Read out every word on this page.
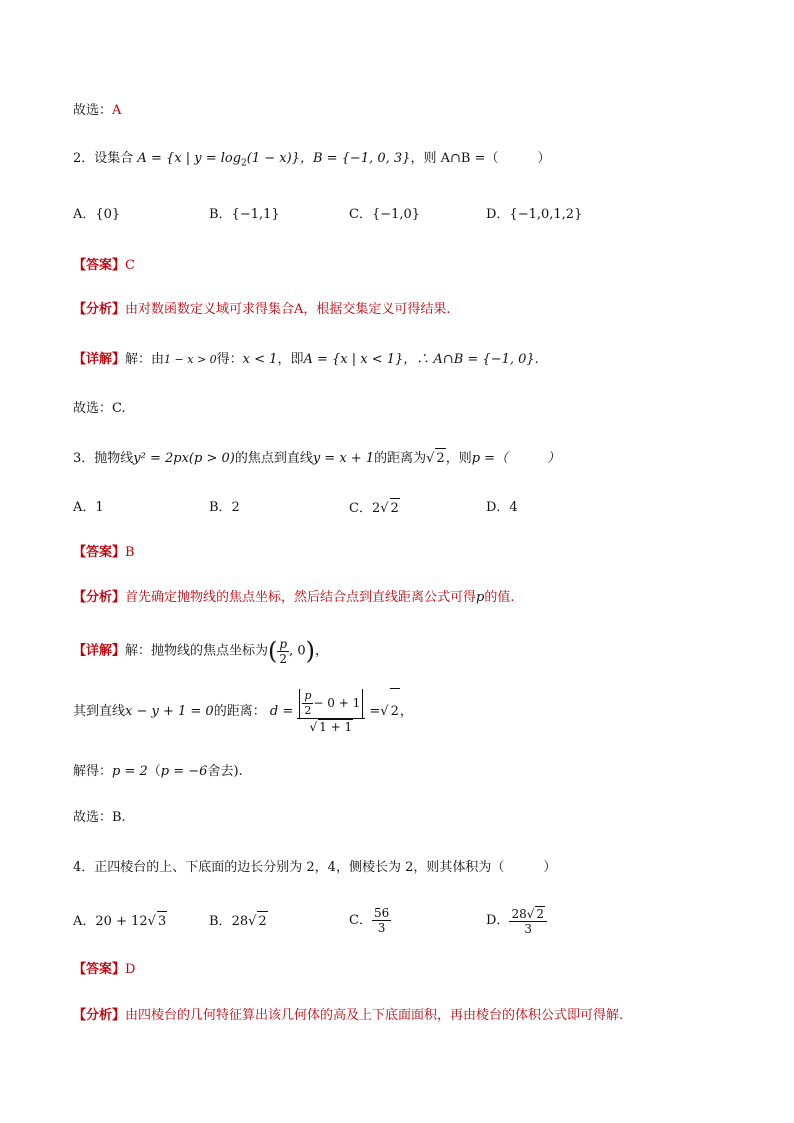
故选：A
2．设集合 A = {x | $y = \log_2(1 - x)$}，B = {−1, 0, 3}，则 A∩B =（　　　）
A．{0}	B．{−1,1}	C．{−1,0}	D．{−1,0,1,2}
【答案】C
【分析】由对数函数定义域可求得集合A，根据交集定义可得结果.
【详解】解：由1 − x > 0得：x < 1，即A = {x | x < 1}，∴ A∩B = {−1, 0}.
故选：C.
3．抛物线y² = 2px(p > 0)的焦点到直线y = x + 1的距离为√ 2，则p =（　　　）
A．1	B．2	C．2√ 2	D．4
【答案】B
【分析】首先确定抛物线的焦点坐标，然后结合点到直线距离公式可得p的值.
【详解】解：抛物线的焦点坐标为( $\frac{p}{2}$ , 0)，
其到直线x − y + 1 = 0的距离： $d = \frac{\frac{p}{2} - 0 + 1}{√ 1 + 1}$ =√ 2，
解得：p = 2（p = −6舍去).
故选：B.
4．正四棱台的上、下底面的边长分别为 2，4，侧棱长为 2，则其体积为（　　　）
A．20 + 12√ 3	B．28√ 2	C． $\frac{56}{3}$	D． $\frac{28√ 2}{3}$
【答案】D
【分析】由四棱台的几何特征算出该几何体的高及上下底面面积，再由棱台的体积公式即可得解.
